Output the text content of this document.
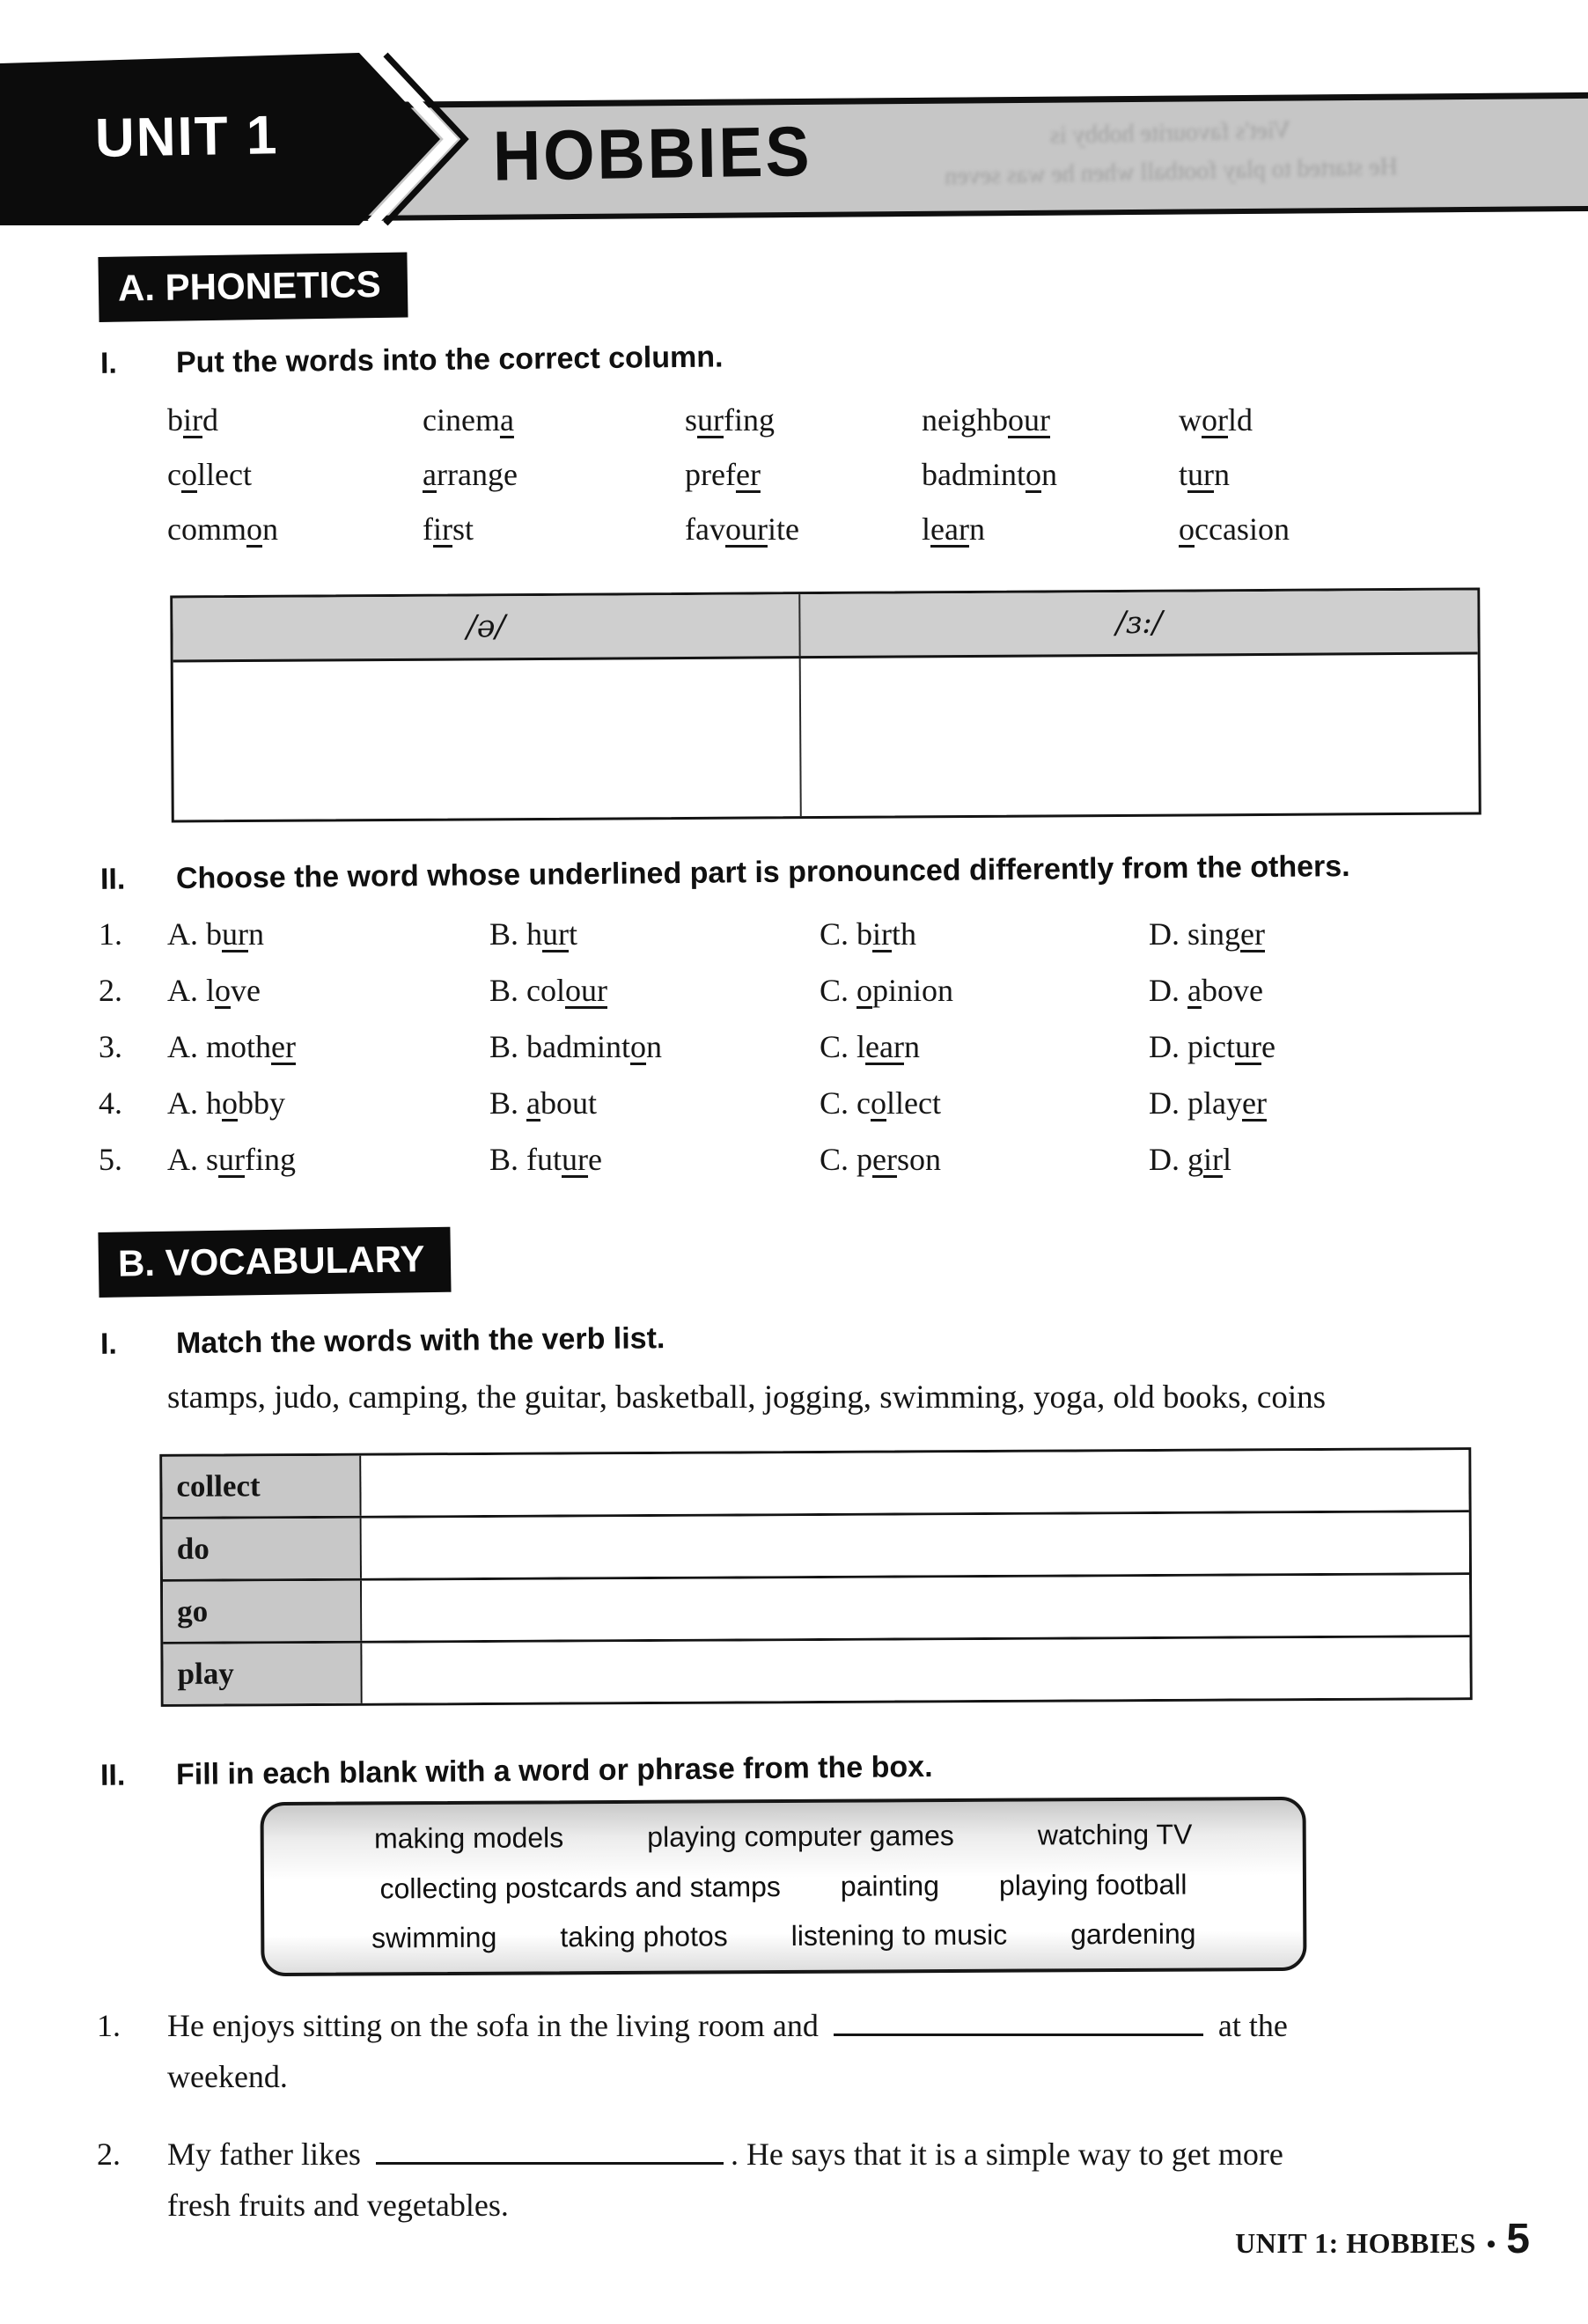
Viet's favourite hobby is
He started to play football when he was seven
HOBBIES
UNIT 1
A. PHONETICS
I.	Put the words into the correct column.
bird	cinema	surfing	neighbour	world
collect	arrange	prefer	badminton	turn
common	first	favourite	learn	occasion
/ə/	/ɜ:/
II.	Choose the word whose underlined part is pronounced differently from the others.
1.	A. burn	B. hurt	C. birth	D. singer
2.	A. love	B. colour	C. opinion	D. above
3.	A. mother	B. badminton	C. learn	D. picture
4.	A. hobby	B. about	C. collect	D. player
5.	A. surfing	B. future	C. person	D. girl
B. VOCABULARY
I.	Match the words with the verb list.
stamps, judo, camping, the guitar, basketball, jogging, swimming, yoga, old books, coins
collect
do
go
play
II.	Fill in each blank with a word or phrase from the box.
making models	playing computer games	watching TV
collecting postcards and stamps painting playing football
swimming taking photos listening to music gardening
1.	He enjoys sitting on the sofa in the living room and	at the
weekend.
2.	My father likes	. He says that it is a simple way to get more
fresh fruits and vegetables.
UNIT 1: HOBBIES • 5
